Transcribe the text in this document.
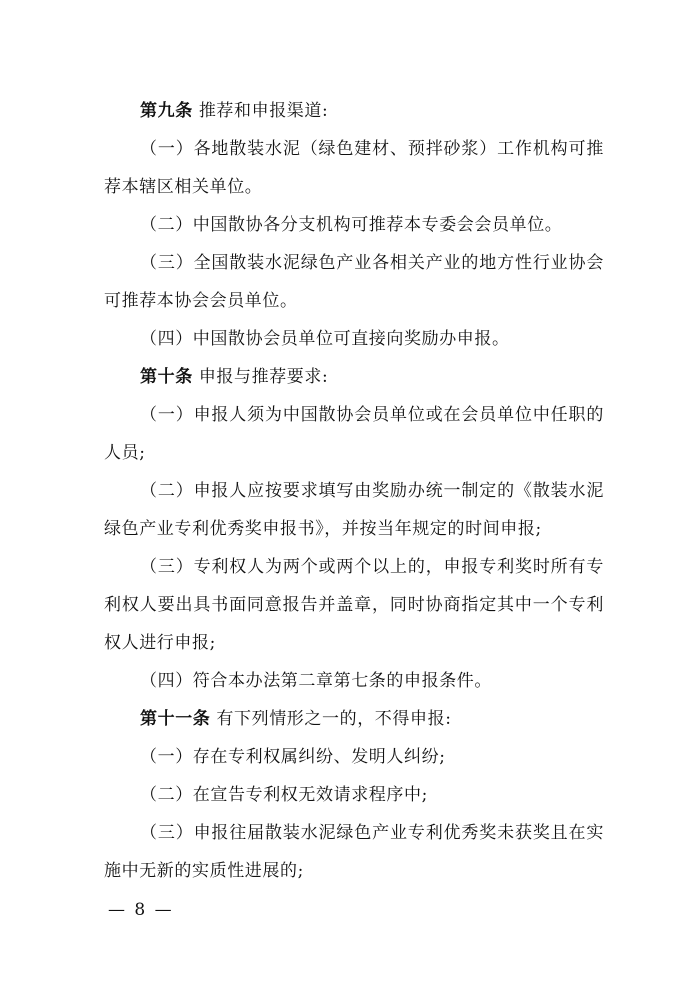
第九条 推荐和申报渠道:

（一）各地散装水泥（绿色建材、预拌砂浆）工作机构可推荐本辖区相关单位。

（二）中国散协各分支机构可推荐本专委会会员单位。

（三）全国散装水泥绿色产业各相关产业的地方性行业协会可推荐本协会会员单位。

（四）中国散协会员单位可直接向奖励办申报。

第十条 申报与推荐要求:

（一）申报人须为中国散协会员单位或在会员单位中任职的人员;

（二）申报人应按要求填写由奖励办统一制定的《散装水泥绿色产业专利优秀奖申报书》，并按当年规定的时间申报;

（三）专利权人为两个或两个以上的，申报专利奖时所有专利权人要出具书面同意报告并盖章，同时协商指定其中一个专利权人进行申报;

（四）符合本办法第二章第七条的申报条件。

第十一条 有下列情形之一的，不得申报:

（一）存在专利权属纠纷、发明人纠纷;

（二）在宣告专利权无效请求程序中;

（三）申报往届散装水泥绿色产业专利优秀奖未获奖且在实施中无新的实质性进展的;

— 8 —
